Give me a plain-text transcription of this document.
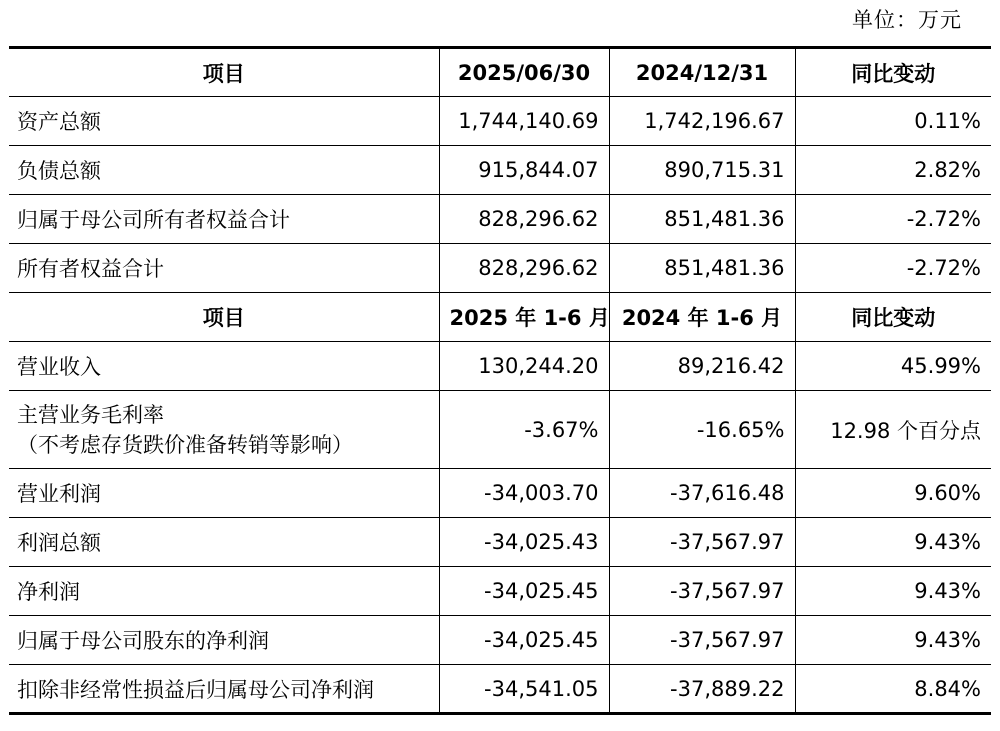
单位：万元
项目	2025/06/30	2024/12/31	同比变动
资产总额	1,744,140.69	1,742,196.67	0.11%
负债总额	915,844.07	890,715.31	2.82%
归属于母公司所有者权益合计	828,296.62	851,481.36	-2.72%
所有者权益合计	828,296.62	851,481.36	-2.72%
项目	2025 年 1-6 月	2024 年 1-6 月	同比变动
营业收入	130,244.20	89,216.42	45.99%

主营业务毛利率
（不考虑存货跌价准备转销等影响）	-3.67%	-16.65%	12.98 个百分点
营业利润	-34,003.70	-37,616.48	9.60%
利润总额	-34,025.43	-37,567.97	9.43%
净利润	-34,025.45	-37,567.97	9.43%
归属于母公司股东的净利润	-34,025.45	-37,567.97	9.43%
扣除非经常性损益后归属母公司净利润	-34,541.05	-37,889.22	8.84%
